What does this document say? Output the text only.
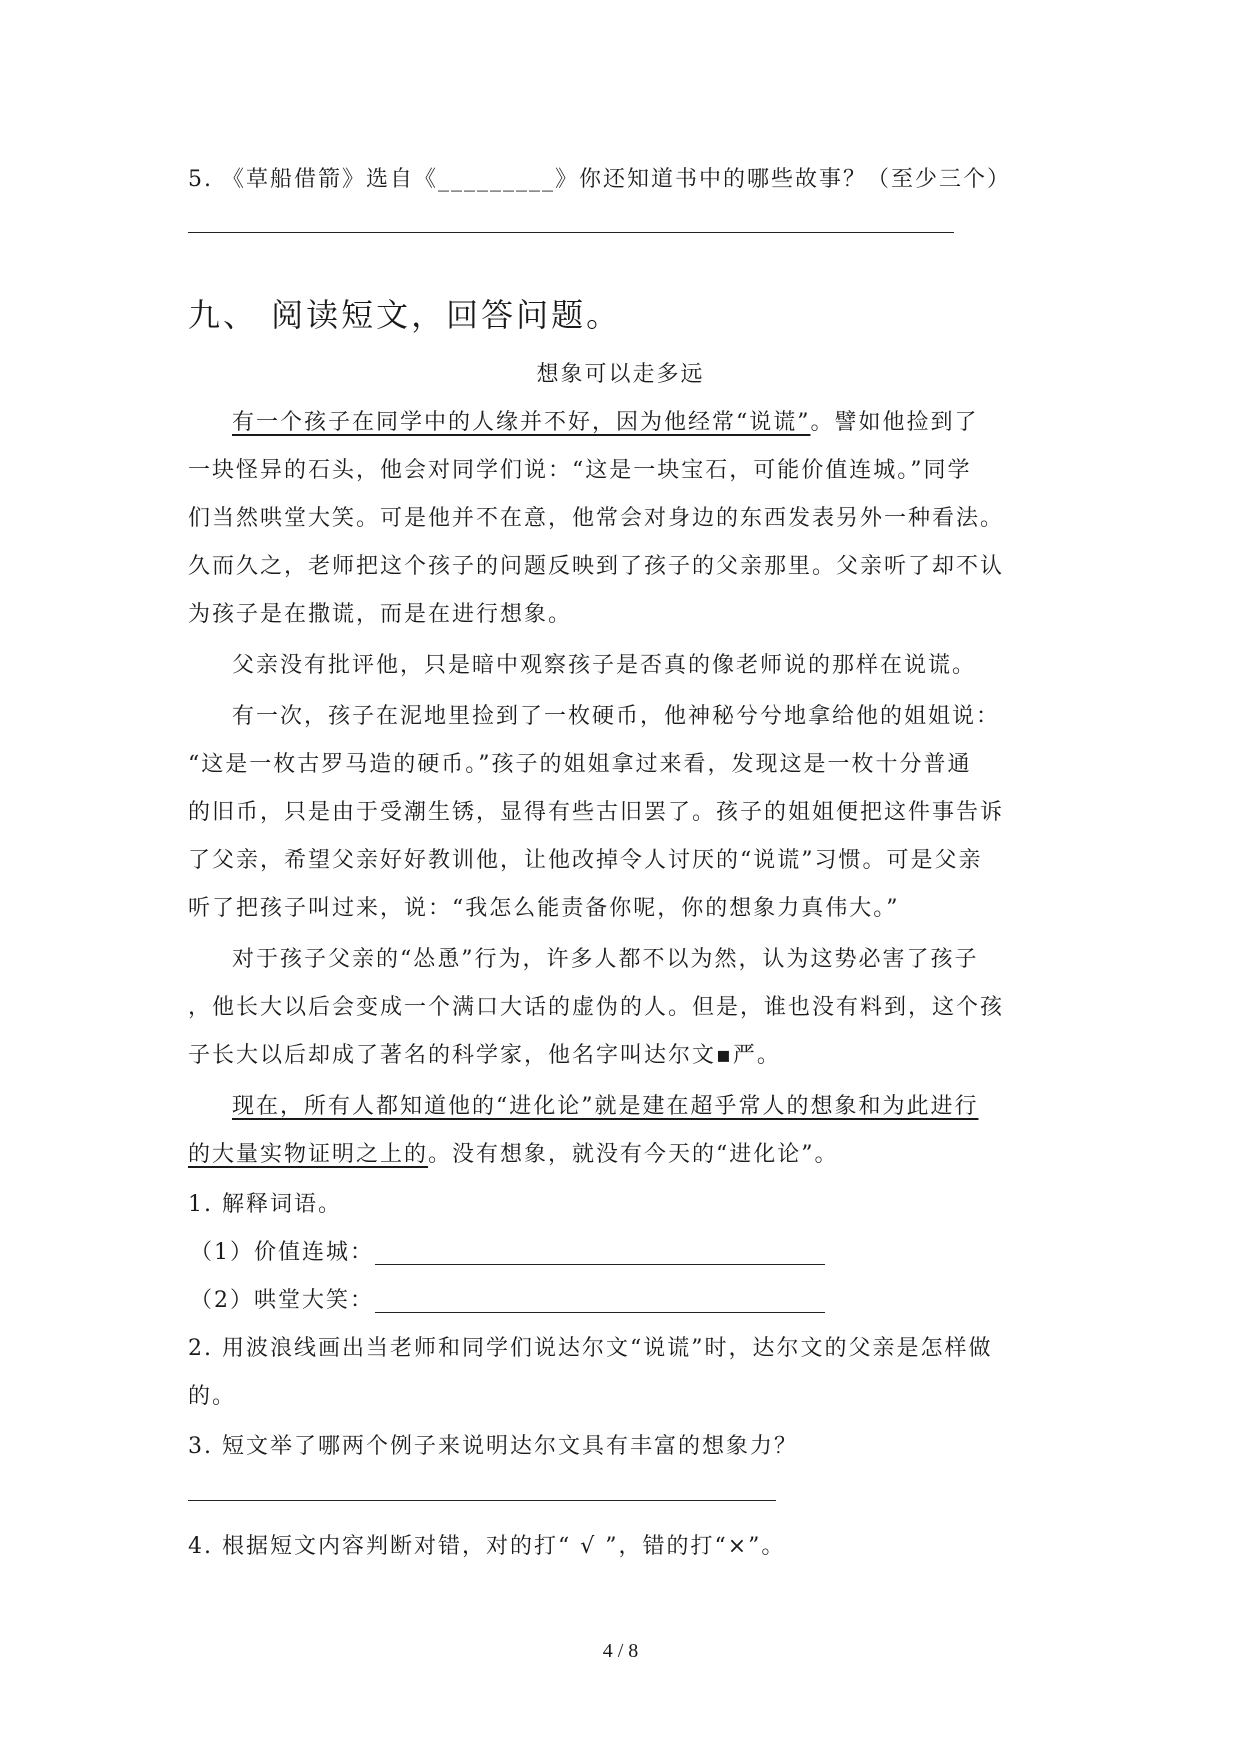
5. 《草船借箭》选自《_________》你还知道书中的哪些故事？（至少三个）
九、 阅读短文，回答问题。
想象可以走多远
有一个孩子在同学中的人缘并不好，因为他经常“说谎”。譬如他捡到了
一块怪异的石头，他会对同学们说：“这是一块宝石，可能价值连城。”同学
们当然哄堂大笑。可是他并不在意，他常会对身边的东西发表另外一种看法。
久而久之，老师把这个孩子的问题反映到了孩子的父亲那里。父亲听了却不认
为孩子是在撒谎，而是在进行想象。
父亲没有批评他，只是暗中观察孩子是否真的像老师说的那样在说谎。
有一次，孩子在泥地里捡到了一枚硬币，他神秘兮兮地拿给他的姐姐说：
“这是一枚古罗马造的硬币。”孩子的姐姐拿过来看，发现这是一枚十分普通
的旧币，只是由于受潮生锈，显得有些古旧罢了。孩子的姐姐便把这件事告诉
了父亲，希望父亲好好教训他，让他改掉令人讨厌的“说谎”习惯。可是父亲
听了把孩子叫过来，说：“我怎么能责备你呢，你的想象力真伟大。”
对于孩子父亲的“怂恿”行为，许多人都不以为然，认为这势必害了孩子
，他长大以后会变成一个满口大话的虚伪的人。但是，谁也没有料到，这个孩
子长大以后却成了著名的科学家，他名字叫达尔文▪严。
现在，所有人都知道他的“进化论”就是建在超乎常人的想象和为此进行
的大量实物证明之上的。没有想象，就没有今天的“进化论”。
1. 解释词语。
（1）价值连城：
（2）哄堂大笑：
2. 用波浪线画出当老师和同学们说达尔文“说谎”时，达尔文的父亲是怎样做
的。
3. 短文举了哪两个例子来说明达尔文具有丰富的想象力？
4. 根据短文内容判断对错，对的打“ √ ”，错的打“×”。
4 / 8
